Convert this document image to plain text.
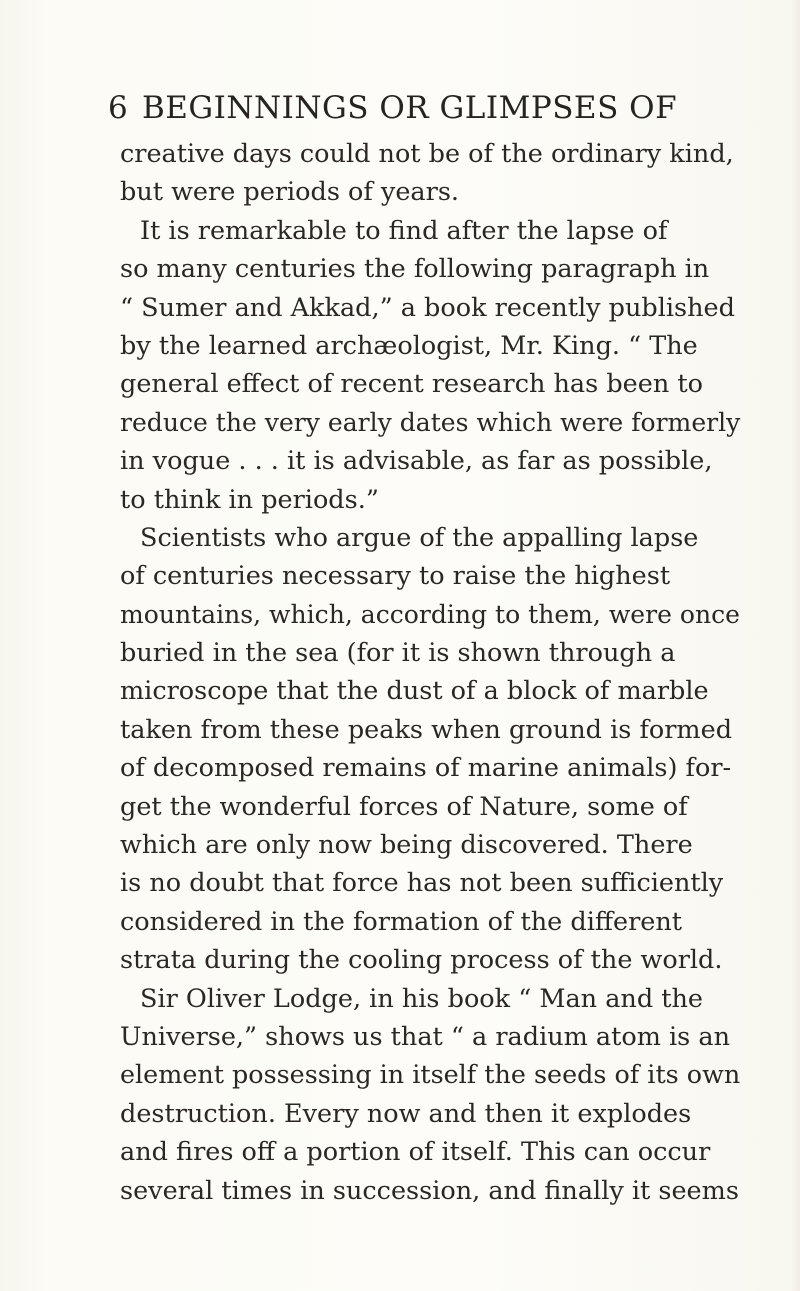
6 BEGINNINGS OR GLIMPSES OF
creative days could not be of the ordinary kind,
but were periods of years.
It is remarkable to find after the lapse of
so many centuries the following paragraph in
“ Sumer and Akkad,” a book recently published
by the learned archæologist, Mr. King. “ The
general effect of recent research has been to
reduce the very early dates which were formerly
in vogue . . . it is advisable, as far as possible,
to think in periods.”
Scientists who argue of the appalling lapse
of centuries necessary to raise the highest
mountains, which, according to them, were once
buried in the sea (for it is shown through a
microscope that the dust of a block of marble
taken from these peaks when ground is formed
of decomposed remains of marine animals) for-
get the wonderful forces of Nature, some of
which are only now being discovered. There
is no doubt that force has not been sufficiently
considered in the formation of the different
strata during the cooling process of the world.
Sir Oliver Lodge, in his book “ Man and the
Universe,” shows us that “ a radium atom is an
element possessing in itself the seeds of its own
destruction. Every now and then it explodes
and fires off a portion of itself. This can occur
several times in succession, and finally it seems
